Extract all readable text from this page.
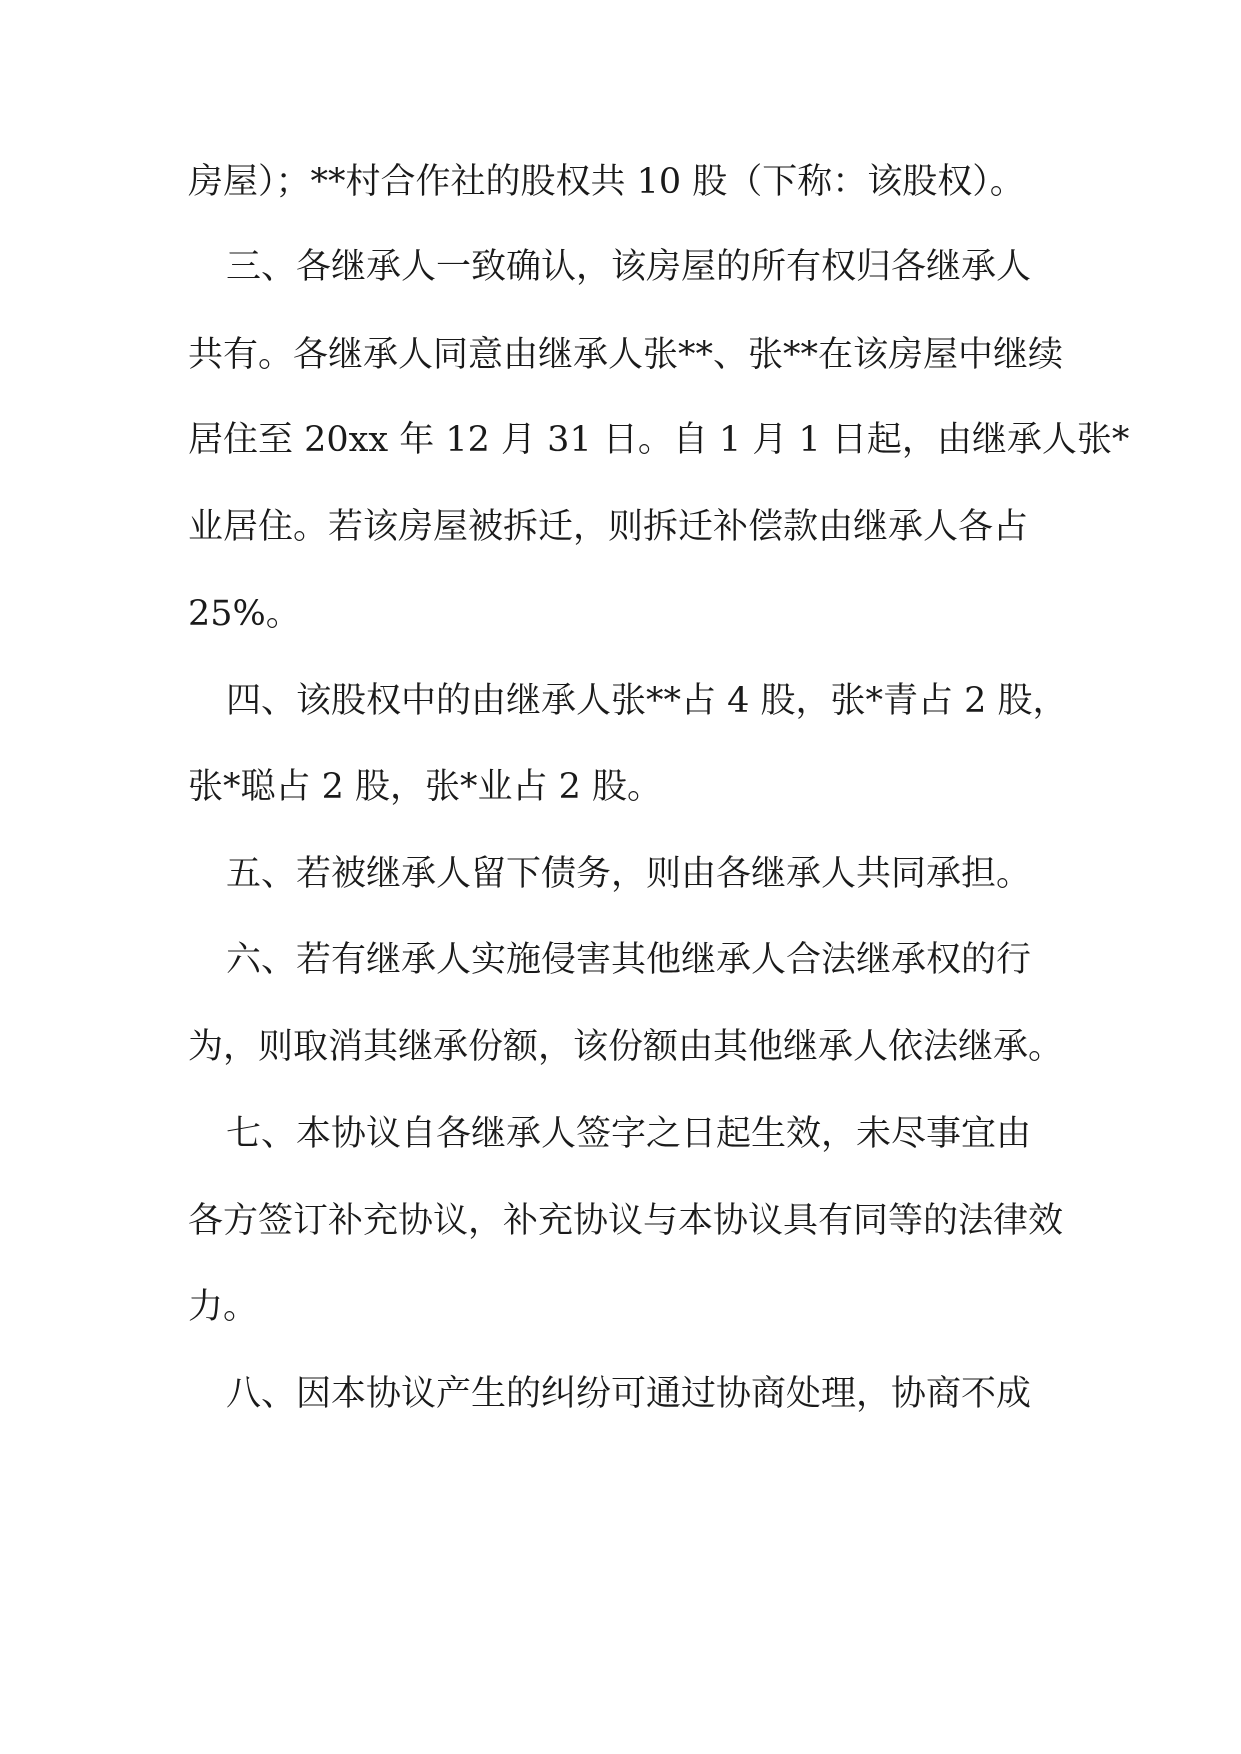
房屋）；**村合作社的股权共 10 股（下称：该股权）。
三、各继承人一致确认，该房屋的所有权归各继承人
共有。各继承人同意由继承人张**、张**在该房屋中继续
居住至 20xx 年 12 月 31 日。自 1 月 1 日起，由继承人张*
业居住。若该房屋被拆迁，则拆迁补偿款由继承人各占
25%。
四、该股权中的由继承人张**占 4 股，张*青占 2 股，
张*聪占 2 股，张*业占 2 股。
五、若被继承人留下债务，则由各继承人共同承担。
六、若有继承人实施侵害其他继承人合法继承权的行
为，则取消其继承份额，该份额由其他继承人依法继承。
七、本协议自各继承人签字之日起生效，未尽事宜由
各方签订补充协议，补充协议与本协议具有同等的法律效
力。
八、因本协议产生的纠纷可通过协商处理，协商不成
